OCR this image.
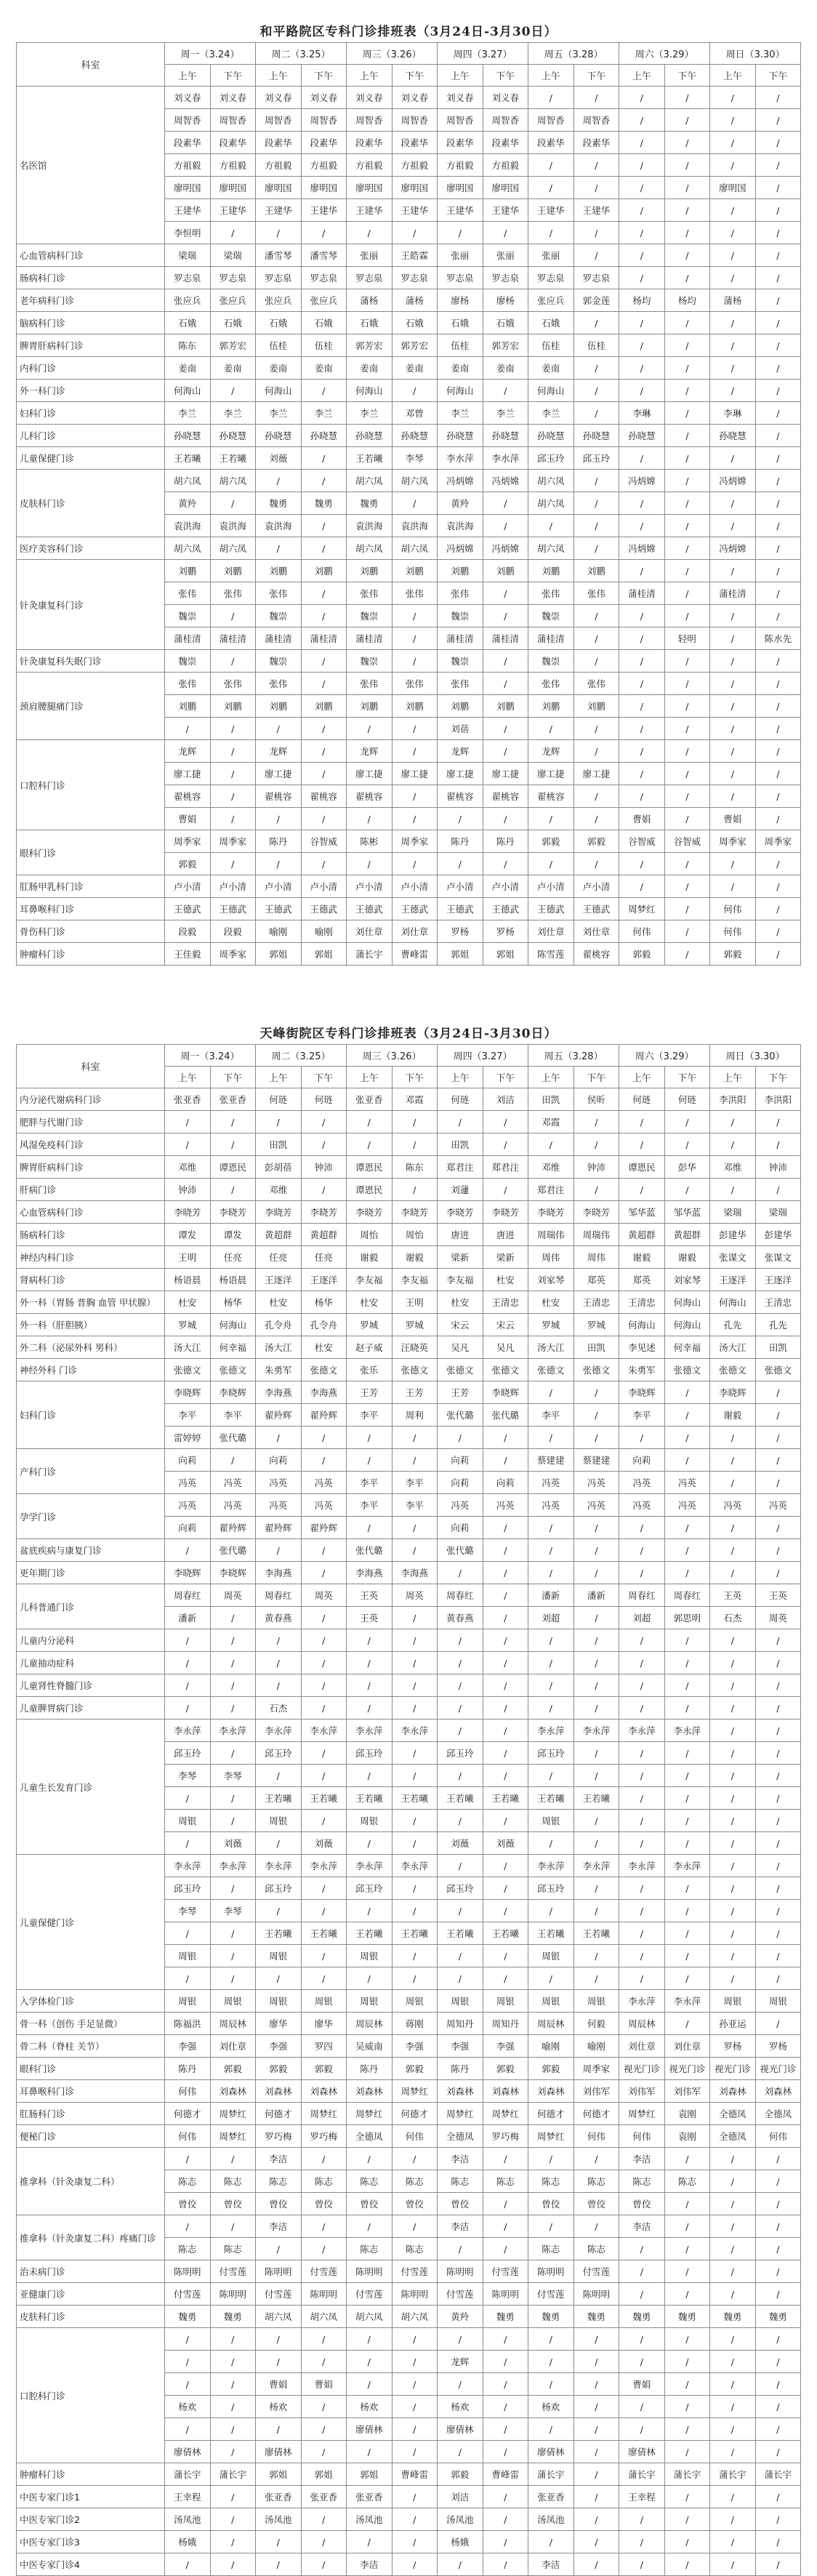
和平路院区专科门诊排班表（3月24日-3月30日）
科室	周一（3.24）		周二（3.25）		周三（3.26）		周四（3.27）		周五（3.28）		周六（3.29）		周日（3.30）	
	上午	下午	上午	下午	上午	下午	上午	下午	上午	下午	上午	下午	上午	下午
名医馆	刘义春	刘义春	刘义春	刘义春	刘义春	刘义春	刘义春	刘义春	/	/	/	/	/	/
	周智香	周智香	周智香	周智香	周智香	周智香	周智香	周智香	周智香	周智香	/	/	/	/
	段素华	段素华	段素华	段素华	段素华	段素华	段素华	段素华	段素华	段素华	/	/	/	/
	方祖毅	方祖毅	方祖毅	方祖毅	方祖毅	方祖毅	方祖毅	方祖毅	/	/	/	/	/	/
	廖明国	廖明国	廖明国	廖明国	廖明国	廖明国	廖明国	廖明国	/	/	/	/	廖明国	/
	王建华	王建华	王建华	王建华	王建华	王建华	王建华	王建华	王建华	王建华	/	/	/	/
	李恒明	/	/	/	/	/	/	/	/	/	/	/	/	/
心血管病科门诊	梁瑞	梁瑞	潘雪琴	潘雪琴	张丽	王皓霖	张丽	张丽	张丽	/	/	/	/	/
肠病科门诊	罗志泉	罗志泉	罗志泉	罗志泉	罗志泉	罗志泉	罗志泉	罗志泉	罗志泉	罗志泉	/	/	/	/
老年病科门诊	张应兵	张应兵	张应兵	张应兵	蒲杨	蒲杨	廖杨	廖杨	张应兵	郭金莲	杨均	杨均	蒲杨	/
脑病科门诊	石娥	石娥	石娥	石娥	石娥	石娥	石娥	石娥	石娥	/	/	/	/	/
脾胃肝病科门诊	陈东	郭芳宏	伍桂	伍桂	郭芳宏	郭芳宏	伍桂	郭芳宏	伍桂	伍桂	/	/	/	/
内科门诊	姜南	姜南	姜南	姜南	姜南	姜南	姜南	姜南	姜南	/	/	/	/	/
外一科门诊	何海山	/	何海山	/	何海山	/	何海山	/	何海山	/	/	/	/	/
妇科门诊	李兰	李兰	李兰	李兰	李兰	邓曾	李兰	李兰	李兰	/	李琳	/	李琳	/
儿科门诊	孙晓慧	孙晓慧	孙晓慧	孙晓慧	孙晓慧	孙晓慧	孙晓慧	孙晓慧	孙晓慧	孙晓慧	孙晓慧	/	孙晓慧	/
儿童保健门诊	王若曦	王若曦	刘薇	/	王若曦	李琴	李水萍	李水萍	邱玉玲	邱玉玲	/	/	/	/
皮肤科门诊	胡六凤	胡六凤	/	/	胡六凤	胡六凤	冯炳嫦	冯炳嫦	胡六凤	/	冯炳嫦	/	冯炳嫦	/
	黄羚	/	魏勇	魏勇	魏勇	/	黄羚	/	胡六凤	/	/	/	/	/
	袁洪海	袁洪海	袁洪海	/	袁洪海	袁洪海	袁洪海	/	/	/	/	/	/	/
医疗美容科门诊	胡六凤	胡六凤	/	/	胡六凤	胡六凤	冯炳嫦	冯炳嫦	胡六凤	/	冯炳嫦	/	冯炳嫦	/
针灸康复科门诊	刘鹏	刘鹏	刘鹏	刘鹏	刘鹏	刘鹏	刘鹏	刘鹏	刘鹏	刘鹏	/	/	/	/
	张伟	张伟	张伟	/	张伟	张伟	张伟	/	张伟	张伟	蒲桂清	/	蒲桂清	/
	魏崇	/	魏崇	/	魏崇	/	魏崇	/	魏崇	/	/	/	/	/
	蒲桂清	蒲桂清	蒲桂清	蒲桂清	蒲桂清	/	蒲桂清	蒲桂清	蒲桂清	/	/	轻明	/	陈水先
针灸康复科失眠门诊	魏崇	/	魏崇	/	魏崇	/	魏崇	/	魏崇	/	/	/	/	/
颈肩腰腿痛门诊	张伟	张伟	张伟	/	张伟	张伟	张伟	/	张伟	张伟	/	/	/	/
	刘鹏	刘鹏	刘鹏	刘鹏	刘鹏	刘鹏	刘鹏	刘鹏	刘鹏	刘鹏	/	/	/	/
	/	/	/	/	/	/	刘蓓	/	/	/	/	/	/	/
口腔科门诊	龙辉	/	龙辉	/	龙辉	/	龙辉	/	龙辉	/	/	/	/	/
	廖工捷	/	廖工捷	/	廖工捷	廖工捷	廖工捷	廖工捷	廖工捷	廖工捷	/	/	/	/
	翟桃容	/	翟桃容	翟桃容	翟桃容	/	翟桃容	翟桃容	翟桃容	/	/	/	/	/
	曹娟	/	/	/	/	/	/	/	/	/	曹娟	/	曹娟	/
眼科门诊	周季家	周季家	陈丹	谷智威	陈彬	周季家	陈丹	陈丹	郭毅	郭毅	谷智威	谷智威	周季家	周季家
	郭毅	/	/	/	/	/	/	/	/	/	/	/	/	/
肛肠甲乳科门诊	卢小清	卢小清	卢小清	卢小清	卢小清	卢小清	卢小清	卢小清	卢小清	卢小清	/	/	/	/
耳鼻喉科门诊	王德武	王德武	王德武	王德武	王德武	王德武	王德武	王德武	王德武	王德武	周梦红	/	何伟	/
骨伤科门诊	段毅	段毅	喻刚	喻刚	刘仕章	刘仕章	罗杨	罗杨	刘仕章	刘仕章	何伟	/	何伟	/
肿瘤科门诊	王佳毅	周季家	郭姐	郭姐	蒲长宇	曹峰雷	郭姐	郭姐	陈雪莲	翟桃容	郭毅	/	郭毅	/
天峰街院区专科门诊排班表（3月24日-3月30日）
科室	周一（3.24）		周二（3.25）		周三（3.26）		周四（3.27）		周五（3.28）		周六（3.29）		周日（3.30）	
	上午	下午	上午	下午	上午	下午	上午	下午	上午	下午	上午	下午	上午	下午
内分泌代谢病科门诊	张亚香	张亚香	何琏	何琏	张亚香	邓霞	何琏	刘洁	田凯	侯昕	何琏	何琏	李洪阳	李洪阳
肥胖与代谢门诊	/	/	/	/	/	/	/	/	邓霞	/	/	/	/	/
风湿免疫科门诊	/	/	田凯	/	/	/	田凯	/	/	/	/	/	/	/
脾胃肝病科门诊	邓维	谭恩民	彭胡蓓	钟沛	谭恩民	陈东	郑君注	郑君注	邓维	钟沛	谭恩民	彭华	邓维	钟沛
肝病门诊	钟沛	/	邓维	/	谭恩民	/	刘蘧	/	郑君注	/	/	/	/	/
心血管病科门诊	李晓芳	李晓芳	李晓芳	李晓芳	李晓芳	李晓芳	李晓芳	李晓芳	李晓芳	李晓芳	邹华蓝	邹华蓝	梁瑞	梁瑞
肠病科门诊	谭发	谭发	黄超群	黄超群	周怡	周怡	唐进	唐进	周瑞伟	周瑞伟	黄超群	黄超群	彭建华	彭建华
神经内科门诊	王明	任亮	任亮	任亮	谢毅	谢毅	梁新	梁新	周伟	周伟	谢毅	谢毅	张谋文	张谋文
肾病科门诊	杨语晨	杨语晨	王逐洋	王逐洋	李友福	李友福	李友福	杜安	刘家琴	郑英	郑英	刘家琴	王逐洋	王逐洋
外一科（胃肠 普胸 血管 甲状腺）	杜安	杨华	杜安	杨华	杜安	王明	杜安	王清忠	杜安	王清忠	王清忠	何海山	何海山	王清忠
外一科（肝胆胰）	罗城	何海山	孔令舟	孔令舟	罗城	罗城	宋云	宋云	罗城	罗城	何海山	何海山	孔先	孔先
外二科（泌尿外科 男科）	汤大江	何幸福	汤大江	杜安	赵子威	汪晓英	吴凡	吴凡	汤大江	田凯	李见述	何幸福	汤大江	田凯
神经外科 门诊	张德文	张德文	朱勇军	张德文	张乐	张德文	张德文	张德文	张德文	张德文	朱勇军	张德文	张德文	张德文
妇科门诊	李晓辉	李晓辉	李海燕	李海燕	王芳	王芳	王芳	李晓辉	/	/	李晓辉	/	李晓辉	/
	李平	李平	翟羚辉	翟羚辉	李平	周利	张代璐	张代璐	李平	/	李平	/	谢毅	/
	雷婷婷	张代璐	/	/	/	/	/	/	/	/	/	/	/	/
产科门诊	向莉	/	向莉	/	/	/	向莉	/	蔡建建	蔡建建	向莉	/	/	/
	冯英	冯英	冯英	冯英	李平	李平	向莉	向莉	冯英	冯英	冯英	冯英	/	/
孕学门诊	冯英	冯英	冯英	冯英	李平	李平	冯英	冯英	冯英	冯英	冯英	冯英	冯英	冯英
	向莉	翟羚辉	翟羚辉	翟羚辉	/	/	向莉	/	/	/	/	/	/	/
盆底疾病与康复门诊	/	张代璐	/	/	张代璐	/	张代璐	/	/	/	/	/	/	/
更年期门诊	李晓辉	李晓辉	李海燕	/	李海燕	李海燕	/	/	/	/	/	/	/	/
儿科普通门诊	周春红	周英	周春红	周英	王英	周英	周春红	/	潘新	潘新	周春红	周春红	王英	王英
	潘新	/	黄春燕	/	王英	/	黄春燕	/	刘超	/	刘超	郭思明	石杰	周英
儿童内分泌科	/	/	/	/	/	/	/	/	/	/	/	/	/	/
儿童抽动症科	/	/	/	/	/	/	/	/	/	/	/	/	/	/
儿童肾性脊髓门诊	/	/	/	/	/	/	/	/	/	/	/	/	/	/
儿童脾胃病门诊	/	/	石杰	/	/	/	/	/	/	/	/	/	/	/
儿童生长发育门诊	李永萍	李永萍	李永萍	李永萍	李永萍	李永萍	/	/	李永萍	李永萍	李永萍	李永萍	/	/
	邱玉玲	/	邱玉玲	/	邱玉玲	/	邱玉玲	/	邱玉玲	/	/	/	/	/
	李琴	李琴	/	/	/	/	/	/	/	/	/	/	/	/
	/	/	王若曦	王若曦	王若曦	王若曦	王若曦	王若曦	王若曦	王若曦	/	/	/	/
	周银	/	周银	/	周银	/	/	/	周银	/	/	/	/	/
	/	刘薇	/	刘薇	/	/	刘薇	刘薇	/	/	/	/	/	/
儿童保健门诊	李永萍	李永萍	李永萍	李永萍	李永萍	李永萍	/	/	李永萍	李永萍	李永萍	李永萍	/	/
	邱玉玲	/	邱玉玲	/	邱玉玲	/	邱玉玲	/	邱玉玲	/	/	/	/	/
	李琴	李琴	/	/	/	/	/	/	/	/	/	/	/	/
	/	/	王若曦	王若曦	王若曦	王若曦	王若曦	王若曦	王若曦	王若曦	/	/	/	/
	周银	/	周银	/	周银	/	/	/	周银	/	/	/	/	/
	/	/	/	/	/	/	/	/	/	/	/	/	/	/
入学体检门诊	周银	周银	周银	周银	周银	周银	周银	周银	周银	周银	李永萍	李永萍	周银	周银
骨一科（创伤 手足显微）	陈福洪	周辰林	廖华	廖华	周辰林	蒋刚	周知丹	周知丹	周辰林	何毅	周辰林	/	孙亚运	/
骨二科（脊柱 关节）	李强	刘仕章	李强	罗四	吴威南	李强	李强	李强	喻刚	喻刚	刘仕章	刘仕章	罗杨	罗杨
眼科门诊	陈丹	郭毅	郭毅	郭毅	陈丹	郭毅	陈丹	郭毅	郭毅	周季家	视光门诊	视光门诊	视光门诊	视光门诊
耳鼻喉科门诊	何伟	刘森林	刘森林	刘森林	刘森林	周梦红	刘森林	刘森林	刘森林	刘伟军	刘伟军	刘伟军	刘森林	刘森林
肛肠科门诊	何德才	周梦红	何德才	周梦红	周梦红	何德才	周梦红	周梦红	何德才	何德才	周梦红	袁刚	全德凤	全德凤
便秘门诊	何伟	周梦红	罗巧梅	罗巧梅	全德凤	何伟	全德凤	罗巧梅	周梦红	何伟	何伟	袁刚	全德凤	何伟
推拿科（针灸康复二科）	/	/	李洁	/	/	/	李洁	/	/	/	李洁	/	/	/
	陈志	陈志	陈志	陈志	陈志	陈志	陈志	陈志	陈志	陈志	陈志	陈志	/	/
	曾佼	曾佼	曾佼	曾佼	曾佼	曾佼	曾佼	/	曾佼	曾佼	曾佼	/	/	/
推拿科（针灸康复二科）疼痛门诊	/	/	李洁	/	/	/	李洁	/	/	/	李洁	/	/	/
	陈志	陈志	/	/	陈志	陈志	/	/	陈志	陈志	/	/	/	/
治未病门诊	陈明明	付雪莲	陈明明	付雪莲	陈明明	付雪莲	陈明明	付雪莲	陈明明	付雪莲	/	/	/	/
亚健康门诊	付雪莲	陈明明	付雪莲	陈明明	付雪莲	陈明明	付雪莲	陈明明	付雪莲	陈明明	/	/	/	/
皮肤科门诊	魏勇	魏勇	胡六凤	胡六凤	胡六凤	胡六凤	黄羚	魏勇	魏勇	魏勇	魏勇	魏勇	魏勇	魏勇
口腔科门诊	/	/	/	/	/	/	/	/	/	/	/	/	/	/
	/	/	/	/	/	/	龙辉	/	/	/	/	/	/	/
	/	/	曹娟	曹娟	/	/	/	/	/	/	曹娟	/	/	/
	杨欢	/	杨欢	/	杨欢	/	杨欢	/	杨欢	/	/	/	/	/
	/	/	/	/	廖倩林	/	廖倩林	/	/	/	/	/	/	/
	廖倩林	/	廖倩林	/	/	/	/	/	廖倩林	/	廖倩林	/	/	/
肿瘤科门诊	蒲长宇	蒲长宇	郭姐	郭姐	郭姐	曹峰雷	郭毅	曹峰雷	蒲长宇	/	蒲长宇	蒲长宇	蒲长宇	蒲长宇
中医专家门诊1	王幸程	/	张亚香	张亚香	张亚香	/	刘洁	/	张亚香	/	王幸程	/	/	/
中医专家门诊2	汤凤池	/	汤凤池	/	汤凤池	/	汤凤池	/	汤凤池	/	/	/	/	/
中医专家门诊3	杨娥	/	/	/	/	/	杨娥	/	/	/	/	/	/	/
中医专家门诊4	/	/	/	/	李洁	/	/	/	李洁	/	/	/	/	/
